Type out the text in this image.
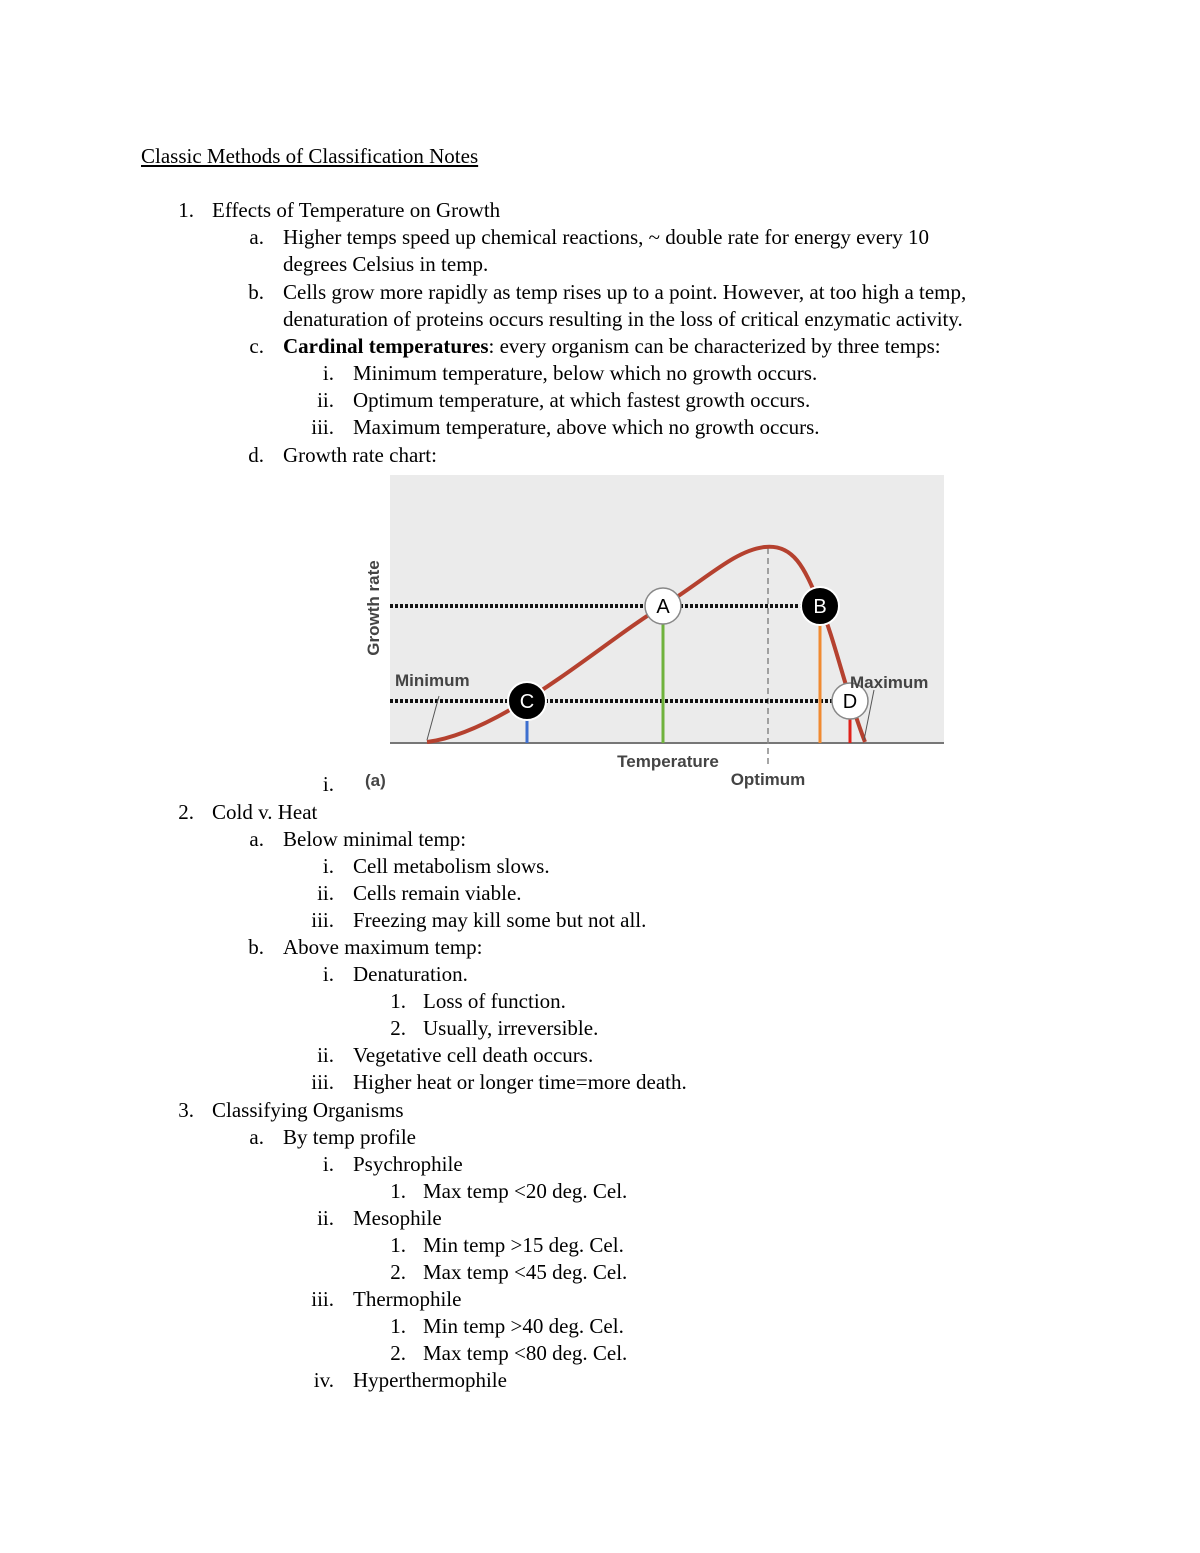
Classic Methods of Classification Notes
1. Effects of Temperature on Growth
a. Higher temps speed up chemical reactions, ~ double rate for energy every 10
degrees Celsius in temp.
b. Cells grow more rapidly as temp rises up to a point. However, at too high a temp,
denaturation of proteins occurs resulting in the loss of critical enzymatic activity.
c. Cardinal temperatures: every organism can be characterized by three temps:
i. Minimum temperature, below which no growth occurs.
ii. Optimum temperature, at which fastest growth occurs.
iii. Maximum temperature, above which no growth occurs.
d. Growth rate chart:
A	B
C	D
Minimum	Maximum
Optimum
Temperature
Growth rate
(a)
i.
2. Cold v. Heat
a. Below minimal temp:
i. Cell metabolism slows.
ii. Cells remain viable.
iii. Freezing may kill some but not all.
b. Above maximum temp:
i. Denaturation.
1. Loss of function.
2. Usually, irreversible.
ii. Vegetative cell death occurs.
iii. Higher heat or longer time=more death.
3. Classifying Organisms
a. By temp profile
i. Psychrophile
1. Max temp <20 deg. Cel.
ii. Mesophile
1. Min temp >15 deg. Cel.
2. Max temp <45 deg. Cel.
iii. Thermophile
1. Min temp >40 deg. Cel.
2. Max temp <80 deg. Cel.
iv. Hyperthermophile
